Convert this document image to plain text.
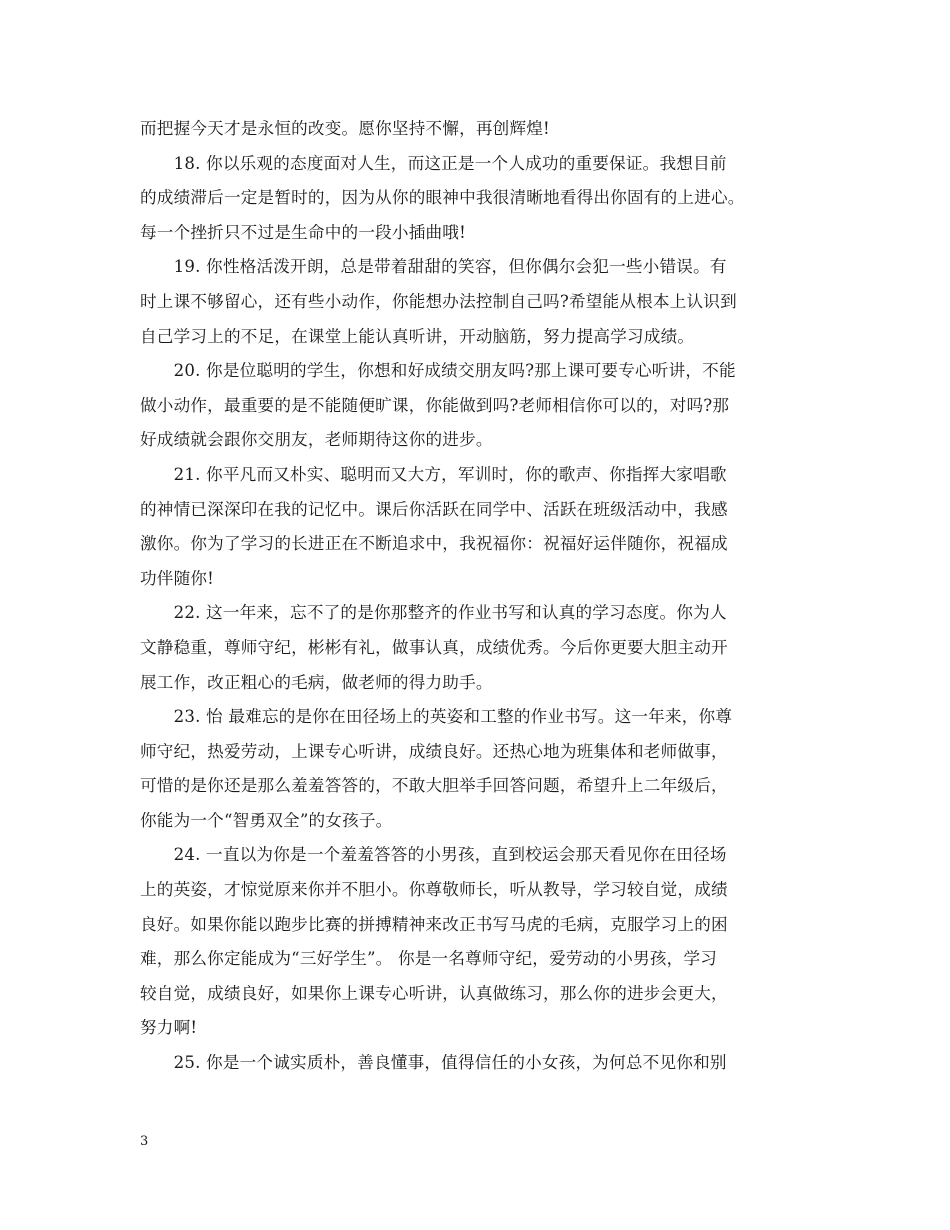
而把握今天才是永恒的改变。愿你坚持不懈，再创辉煌!
　　18. 你以乐观的态度面对人生，而这正是一个人成功的重要保证。我想目前
的成绩滞后一定是暂时的，因为从你的眼神中我很清晰地看得出你固有的上进心。
每一个挫折只不过是生命中的一段小插曲哦!
　　19. 你性格活泼开朗，总是带着甜甜的笑容，但你偶尔会犯一些小错误。有
时上课不够留心，还有些小动作，你能想办法控制自己吗?希望能从根本上认识到
自己学习上的不足，在课堂上能认真听讲，开动脑筋，努力提高学习成绩。
　　20. 你是位聪明的学生，你想和好成绩交朋友吗?那上课可要专心听讲，不能
做小动作，最重要的是不能随便旷课，你能做到吗?老师相信你可以的，对吗?那
好成绩就会跟你交朋友，老师期待这你的进步。
　　21. 你平凡而又朴实、聪明而又大方，军训时，你的歌声、你指挥大家唱歌
的神情已深深印在我的记忆中。课后你活跃在同学中、活跃在班级活动中，我感
激你。你为了学习的长进正在不断追求中，我祝福你：祝福好运伴随你，祝福成
功伴随你!
　　22. 这一年来，忘不了的是你那整齐的作业书写和认真的学习态度。你为人
文静稳重，尊师守纪，彬彬有礼，做事认真，成绩优秀。今后你更要大胆主动开
展工作，改正粗心的毛病，做老师的得力助手。
　　23. 怡 最难忘的是你在田径场上的英姿和工整的作业书写。这一年来，你尊
师守纪，热爱劳动，上课专心听讲，成绩良好。还热心地为班集体和老师做事，
可惜的是你还是那么羞羞答答的，不敢大胆举手回答问题，希望升上二年级后，
你能为一个“智勇双全”的女孩子。
　　24. 一直以为你是一个羞羞答答的小男孩，直到校运会那天看见你在田径场
上的英姿，才惊觉原来你并不胆小。你尊敬师长，听从教导，学习较自觉，成绩
良好。如果你能以跑步比赛的拼搏精神来改正书写马虎的毛病，克服学习上的困
难，那么你定能成为“三好学生”。 你是一名尊师守纪，爱劳动的小男孩，学习
较自觉，成绩良好，如果你上课专心听讲，认真做练习，那么你的进步会更大，
努力啊!
　　25. 你是一个诚实质朴，善良懂事，值得信任的小女孩，为何总不见你和别
3
